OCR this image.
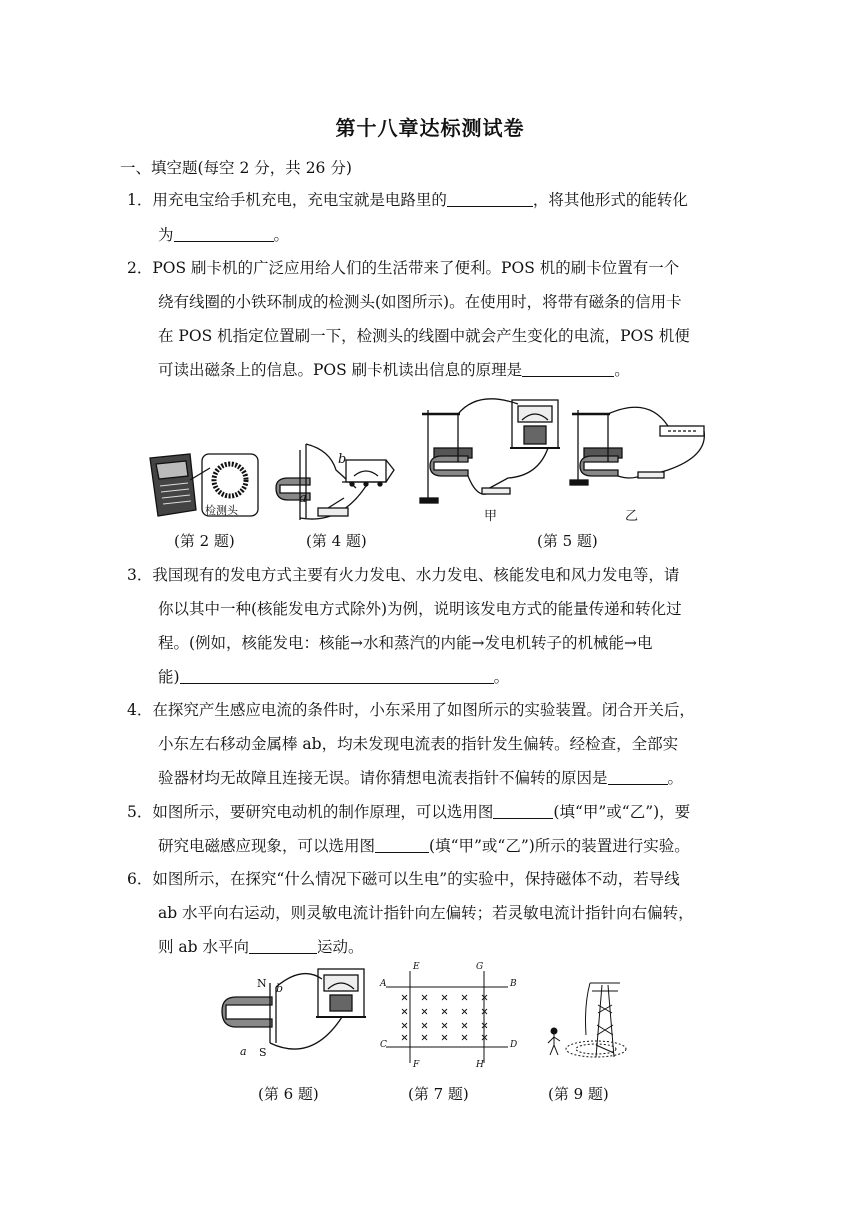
第十八章达标测试卷
一、填空题(每空 2 分，共 26 分)
1．用充电宝给手机充电，充电宝就是电路里的	，将其他形式的能转化
为	。
2．POS 刷卡机的广泛应用给人们的生活带来了便利。POS 机的刷卡位置有一个
绕有线圈的小铁环制成的检测头(如图所示)。在使用时，将带有磁条的信用卡
在 POS 机指定位置刷一下，检测头的线圈中就会产生变化的电流，POS 机便
可读出磁条上的信息。POS 刷卡机读出信息的原理是	。
检测头
b
a
甲	乙
(第 2 题)	(第 4 题)	(第 5 题)
3．我国现有的发电方式主要有火力发电、水力发电、核能发电和风力发电等，请
你以其中一种(核能发电方式除外)为例，说明该发电方式的能量传递和转化过
程。(例如，核能发电：核能→水和蒸汽的内能→发电机转子的机械能→电
能)	。
4．在探究产生感应电流的条件时，小东采用了如图所示的实验装置。闭合开关后，
小东左右移动金属棒 ab，均未发现电流表的指针发生偏转。经检查，全部实
验器材均无故障且连接无误。请你猜想电流表指针不偏转的原因是	。
5．如图所示，要研究电动机的制作原理，可以选用图	(填“甲”或“乙”)，要
研究电磁感应现象，可以选用图	(填“甲”或“乙”)所示的装置进行实验。
6．如图所示，在探究“什么情况下磁可以生电”的实验中，保持磁体不动，若导线
ab 水平向右运动，则灵敏电流计指针向左偏转；若灵敏电流计指针向右偏转，
则 ab 水平向	运动。
N
S
a
b	A	B
C	D
E
F
G
H
(第 6 题)	(第 7 题)	(第 9 题)
